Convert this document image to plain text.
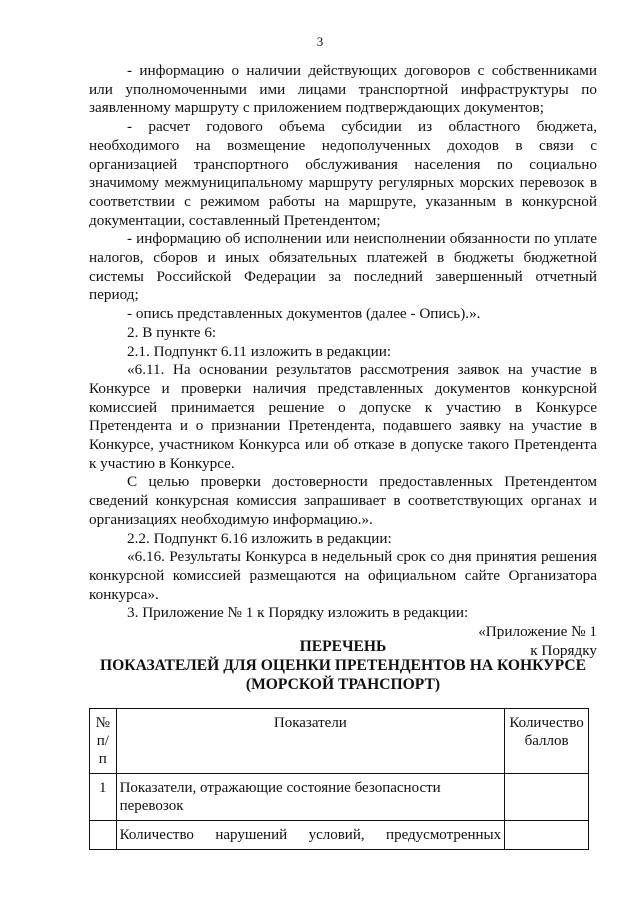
3

- информацию о наличии действующих договоров с собственниками или уполномоченными ими лицами транспортной инфраструктуры по заявленному маршруту с приложением подтверждающих документов;

- расчет годового объема субсидии из областного бюджета, необходимого на возмещение недополученных доходов в связи с организацией транспортного обслуживания населения по социально значимому межмуниципальному маршруту регулярных морских перевозок в соответствии с режимом работы на маршруте, указанным в конкурсной документации, составленный Претендентом;

- информацию об исполнении или неисполнении обязанности по уплате налогов, сборов и иных обязательных платежей в бюджеты бюджетной системы Российской Федерации за последний завершенный отчетный период;

- опись представленных документов (далее - Опись).».

2. В пункте 6:

2.1. Подпункт 6.11 изложить в редакции:

«6.11. На основании результатов рассмотрения заявок на участие в Конкурсе и проверки наличия представленных документов конкурсной комиссией принимается решение о допуске к участию в Конкурсе Претендента и о признании Претендента, подавшего заявку на участие в Конкурсе, участником Конкурса или об отказе в допуске такого Претендента к участию в Конкурсе.

С целью проверки достоверности предоставленных Претендентом сведений конкурсная комиссия запрашивает в соответствующих органах и организациях необходимую информацию.».

2.2. Подпункт 6.16 изложить в редакции:

«6.16. Результаты Конкурса в недельный срок со дня принятия решения конкурсной комиссией размещаются на официальном сайте Организатора конкурса».

3. Приложение № 1 к Порядку изложить в редакции:

«Приложение № 1

к Порядку

ПЕРЕЧЕНЬ
ПОКАЗАТЕЛЕЙ ДЛЯ ОЦЕНКИ ПРЕТЕНДЕНТОВ НА КОНКУРСЕ
(МОРСКОЙ ТРАНСПОРТ)
№ п/п	Показатели	Количество баллов
1	Показатели, отражающие состояние безопасности перевозок	
	Количество нарушений условий, предусмотренных	
